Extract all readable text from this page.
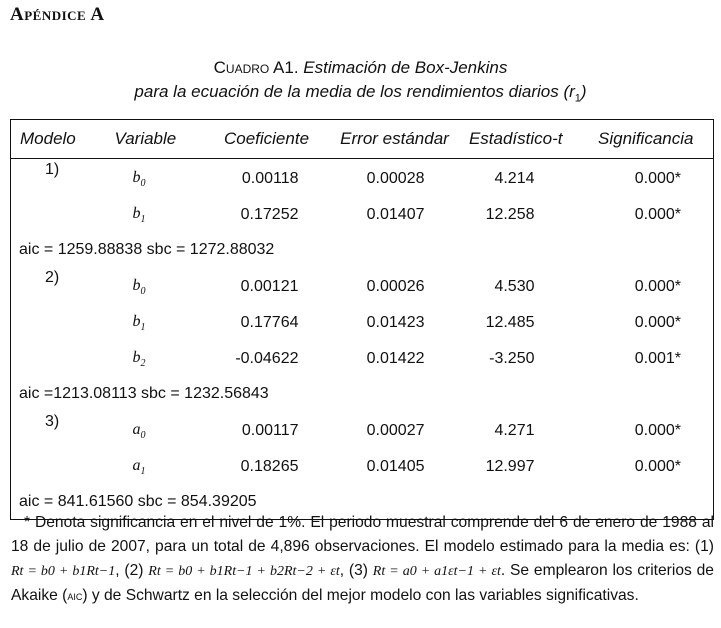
Apéndice A
Cuadro A1. Estimación de Box-Jenkins
para la ecuación de la media de los rendimientos diarios $(r_1)$
Modelo	Variable	Coeficiente	Error estándar	Estadístico-t	Significancia
1)	$b_0$	0.00118	0.00028	4.214	0.000*
	$b_1$	0.17252	0.01407	12.258	0.000*
aic = 1259.88838 sbc = 1272.88032					
2)	$b_0$	0.00121	0.00026	4.530	0.000*
	$b_1$	0.17764	0.01423	12.485	0.000*
	$b_2$	-0.04622	0.01422	-3.250	0.001*
aic =1213.08113 sbc = 1232.56843					
3)	$a_0$	0.00117	0.00027	4.271	0.000*
	$a_1$	0.18265	0.01405	12.997	0.000*
aic = 841.61560 sbc = 854.39205					
* Denota significancia en el nivel de 1%. El periodo muestral comprende del 6 de enero de 1988 al 18 de julio de 2007, para un total de 4,896 observaciones. El modelo estimado para la media es: (1) Rt = b0 + b1Rt−1, (2) Rt = b0 + b1Rt−1 + b2Rt−2 + εt, (3) Rt = a0 + a1εt−1 + εt. Se emplearon los criterios de Akaike (aic) y de Schwartz en la selección del mejor modelo con las variables significativas.
